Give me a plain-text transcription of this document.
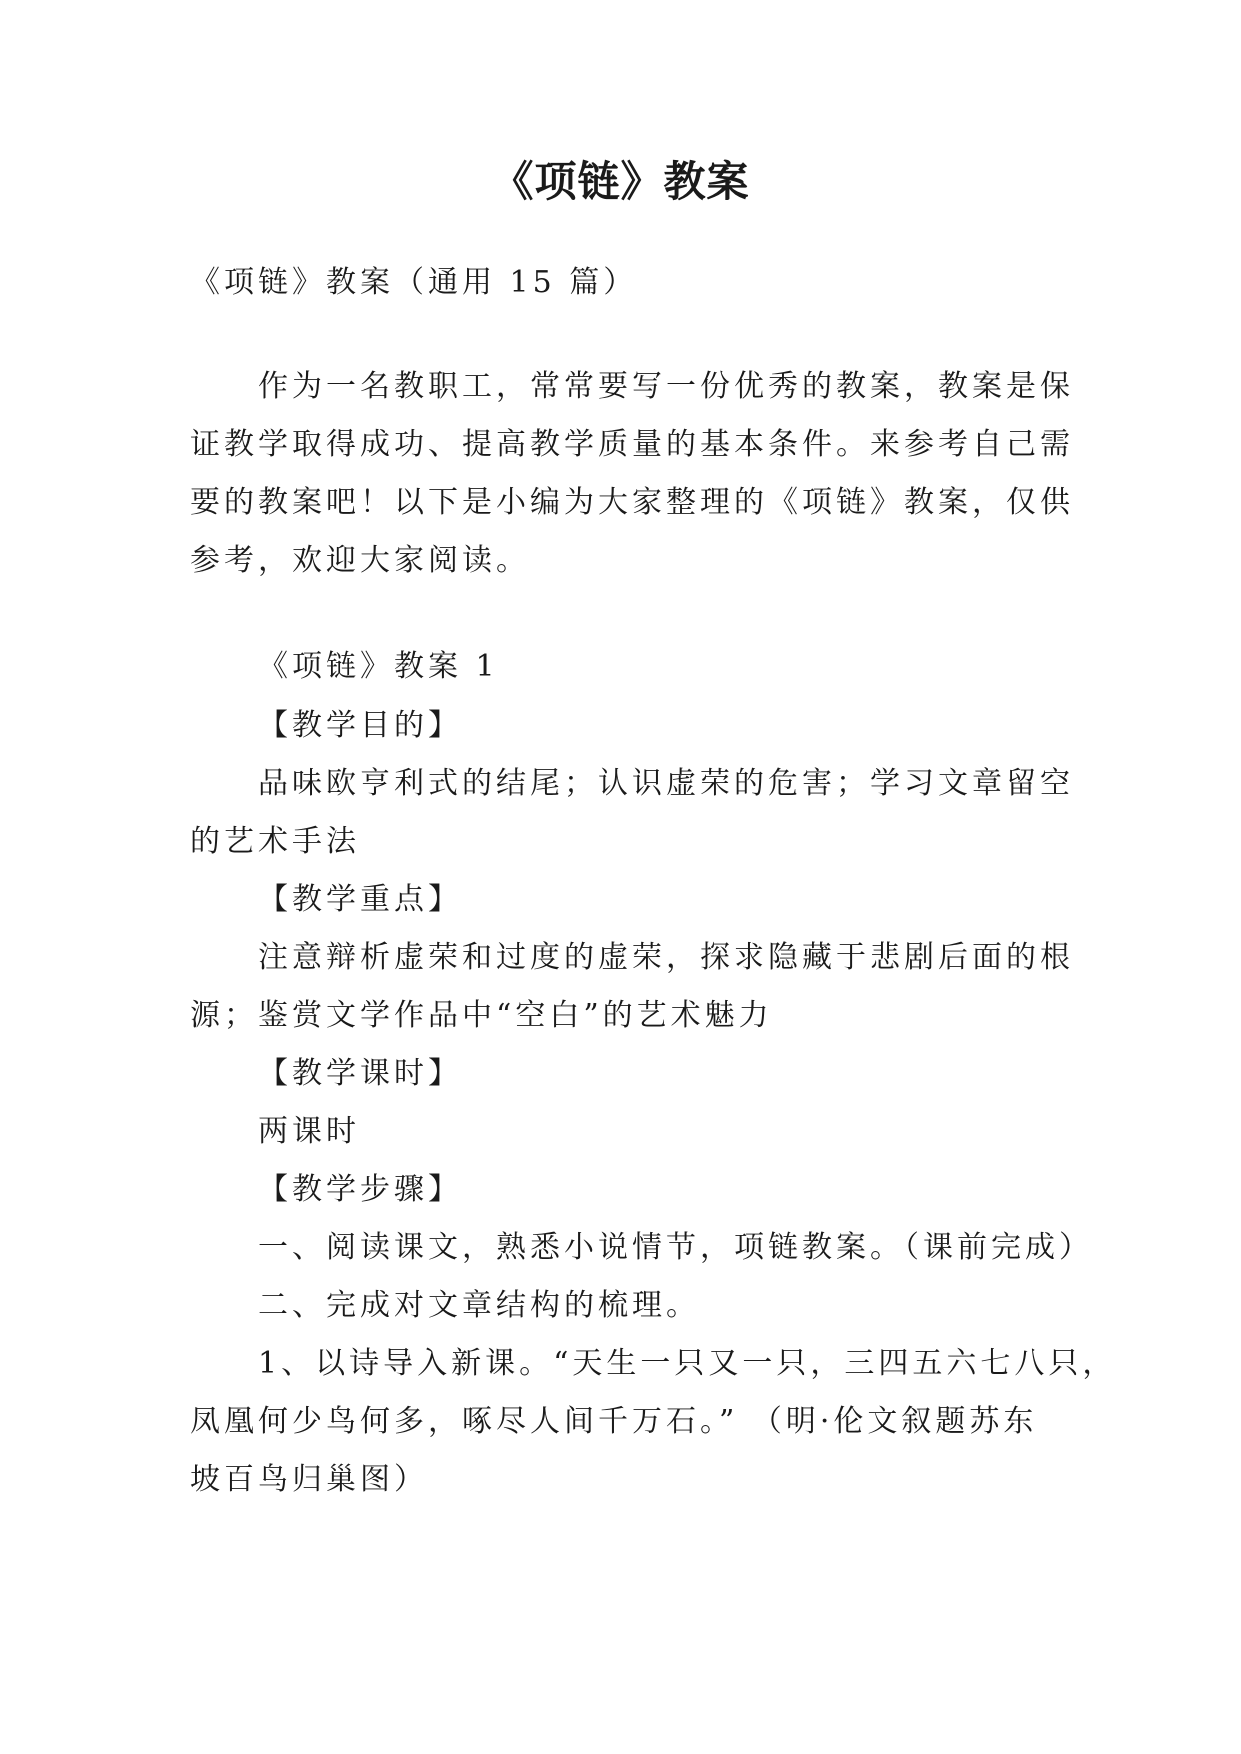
《项链》教案
《项链》教案（通用 15 篇）
作为一名教职工，常常要写一份优秀的教案，教案是保
证教学取得成功、提高教学质量的基本条件。来参考自己需
要的教案吧！以下是小编为大家整理的《项链》教案，仅供
参考，欢迎大家阅读。
《项链》教案 1
【教学目的】
品味欧亨利式的结尾；认识虚荣的危害；学习文章留空
的艺术手法
【教学重点】
注意辩析虚荣和过度的虚荣，探求隐藏于悲剧后面的根
源；鉴赏文学作品中“空白”的艺术魅力
【教学课时】
两课时
【教学步骤】
一、阅读课文，熟悉小说情节，项链教案。（课前完成）
二、完成对文章结构的梳理。
1、以诗导入新课。“天生一只又一只，三四五六七八只，
凤凰何少鸟何多，啄尽人间千万石。” （明·伦文叙题苏东
坡百鸟归巢图）
